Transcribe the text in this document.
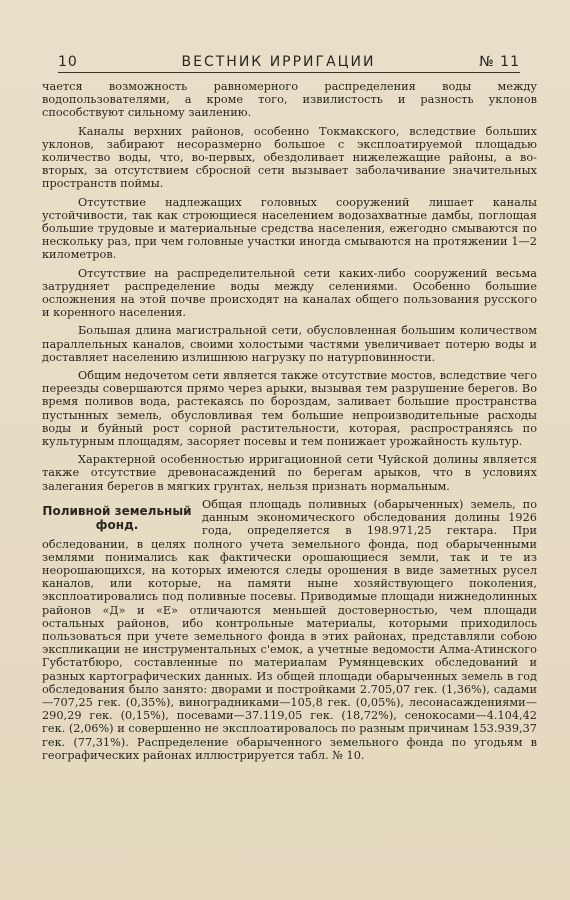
10	ВЕСТНИК ИРРИГАЦИИ	№ 11

чается возможность равномерного распределения воды между водопользователями, а кроме того, извилистость и разность уклонов способствуют сильному заилению.

Каналы верхних районов, особенно Токмакского, вследствие больших уклонов, забирают несоразмерно большое с эксплоатируемой площадью количество воды, что, во-первых, обездоливает нижележащие районы, а во-вторых, за отсутствием сбросной сети вызывает заболачивание значительных пространств поймы.

Отсутствие надлежащих головных сооружений лишает каналы устойчивости, так как строющиеся населением водозахватные дамбы, поглощая большие трудовые и материальные средства населения, ежегодно смываются по нескольку раз, при чем головные участки иногда смываются на протяжении 1—2 километров.

Отсутствие на распределительной сети каких-либо сооружений весьма затрудняет распределение воды между селениями. Особенно большие осложнения на этой почве происходят на каналах общего пользования русского и коренного населения.

Большая длина магистральной сети, обусловленная большим количеством параллельных каналов, своими холостыми частями увеличивает потерю воды и доставляет населению излишнюю нагрузку по натурповинности.

Общим недочетом сети является также отсутствие мостов, вследствие чего переезды совершаются прямо через арыки, вызывая тем разрушение берегов. Во время поливов вода, растекаясь по бороздам, заливает большие пространства пустынных земель, обусловливая тем большие непроизводительные расходы воды и буйный рост сорной растительности, которая, распространяясь по культурным площадям, засоряет посевы и тем понижает урожайность культур.

Характерной особенностью ирригационной сети Чуйской долины является также отсутствие древонасаждений по берегам арыков, что в условиях залегания берегов в мягких грунтах, нельзя признать нормальным.

Поливной земельный
фонд.

Общая площадь поливных (обарыченных) земель, по данным экономического обследования долины 1926 года, определяется в 198.971,25 гектара. При обследовании, в целях полного учета земельного фонда, под обарыченными землями понимались как фактически орошающиеся земли, так и те из неорошающихся, на которых имеются следы орошения в виде заметных русел каналов, или которые, на памяти ныне хозяйствующего поколения, эксплоатировались под поливные посевы. Приводимые площади нижнедолинных районов «Д» и «Е» отличаются меньшей достоверностью, чем площади остальных районов, ибо контрольные материалы, которыми приходилось пользоваться при учете земельного фонда в этих районах, представляли собою экспликации не инструментальных с'емок, а учетные ведомости Алма-Атинского Губстатбюро, составленные по материалам Румянцевских обследований и разных картографических данных. Из общей площади обарыченных земель в год обследования было занято: дворами и постройками 2.705,07 гек. (1,36%), садами—707,25 гек. (0,35%), виноградниками—105,8 гек. (0,05%), лесонасаждениями—290,29 гек. (0,15%), посевами—37.119,05 гек. (18,72%), сенокосами—4.104,42 гек. (2,06%) и совершенно не эксплоатировалось по разным причинам 153.939,37 гек. (77,31%). Распределение обарыченного земельного фонда по угодьям в географических районах иллюстрируется табл. № 10.
